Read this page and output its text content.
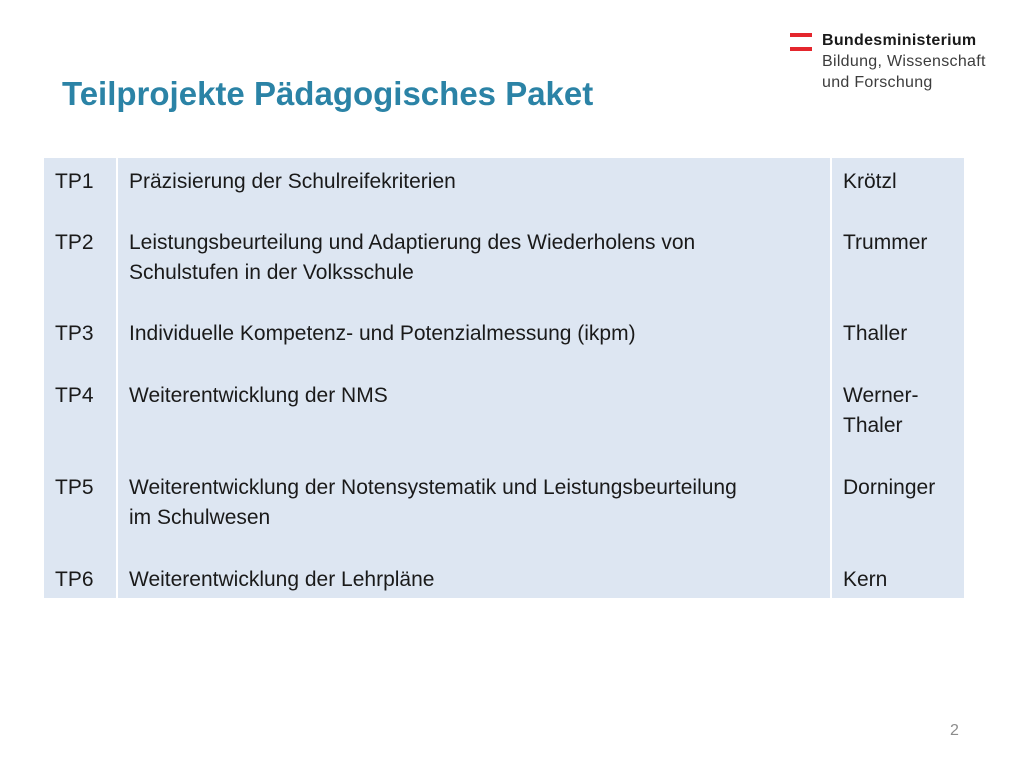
Bundesministerium
Bildung, Wissenschaft
und Forschung
Teilprojekte Pädagogisches Paket
TP1
TP2
TP3
TP4
TP5
TP6
Präzisierung der Schulreifekriterien
Leistungsbeurteilung und Adaptierung des Wiederholens von
Schulstufen in der Volksschule
Individuelle Kompetenz- und Potenzialmessung (ikpm)
Weiterentwicklung der NMS
Weiterentwicklung der Notensystematik und Leistungsbeurteilung
im Schulwesen
Weiterentwicklung der Lehrpläne
Krötzl
Trummer
Thaller
Werner-
Thaler
Dorninger
Kern
2
